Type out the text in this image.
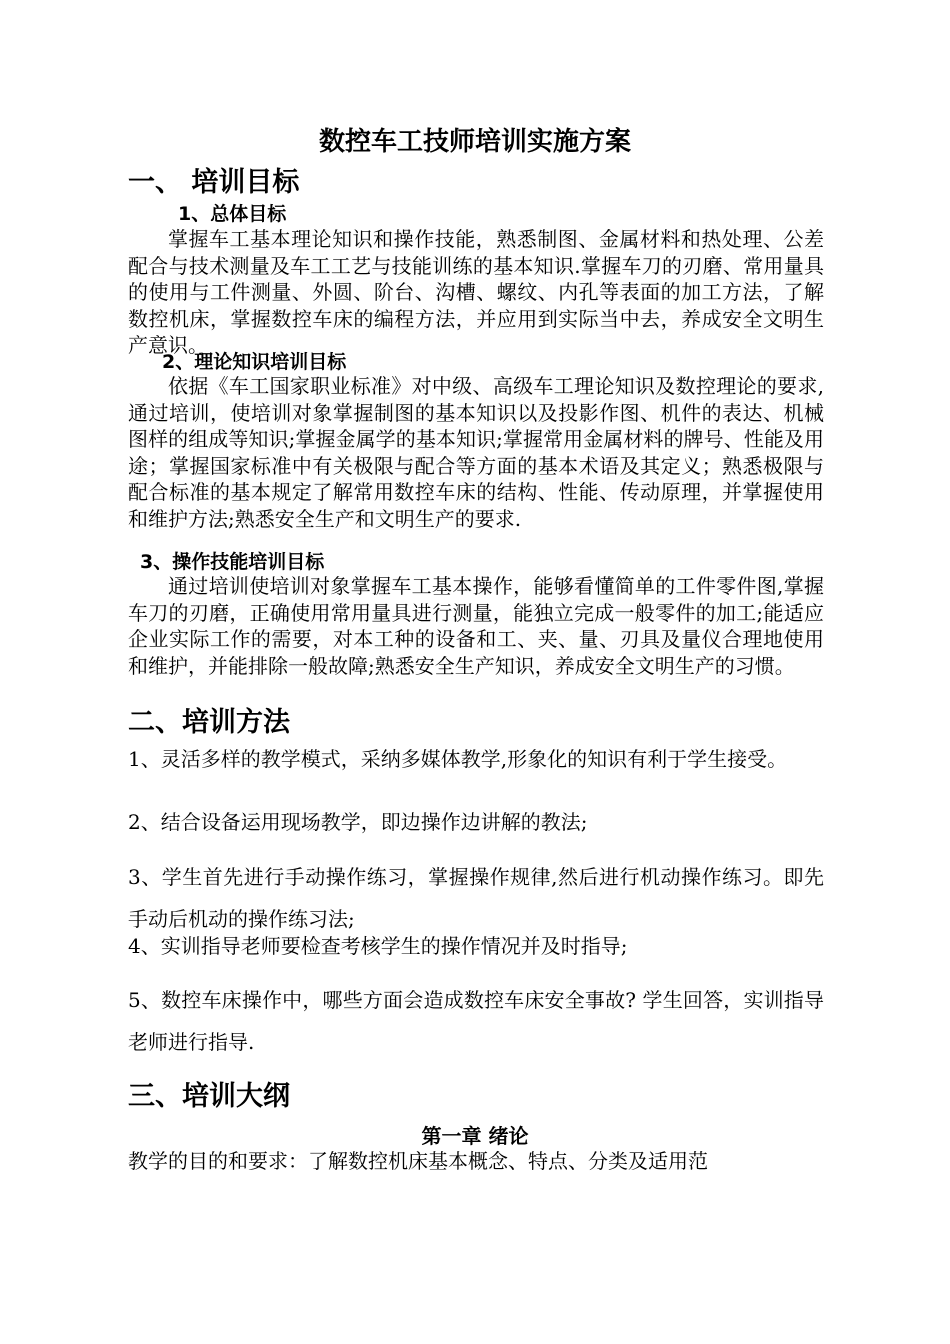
数控车工技师培训实施方案
一、 培训目标
1、总体目标
掌握车工基本理论知识和操作技能，熟悉制图、金属材料和热处理、公差配合与技术测量及车工工艺与技能训练的基本知识.掌握车刀的刃磨、常用量具的使用与工件测量、外圆、阶台、沟槽、螺纹、内孔等表面的加工方法，了解数控机床，掌握数控车床的编程方法，并应用到实际当中去，养成安全文明生产意识。
2、理论知识培训目标
依据《车工国家职业标准》对中级、高级车工理论知识及数控理论的要求,通过培训，使培训对象掌握制图的基本知识以及投影作图、机件的表达、机械图样的组成等知识;掌握金属学的基本知识;掌握常用金属材料的牌号、性能及用途；掌握国家标准中有关极限与配合等方面的基本术语及其定义；熟悉极限与配合标准的基本规定了解常用数控车床的结构、性能、传动原理，并掌握使用和维护方法;熟悉安全生产和文明生产的要求.
3、操作技能培训目标
通过培训使培训对象掌握车工基本操作，能够看懂简单的工件零件图,掌握车刀的刃磨，正确使用常用量具进行测量，能独立完成一般零件的加工;能适应企业实际工作的需要，对本工种的设备和工、夹、量、刃具及量仪合理地使用和维护，并能排除一般故障;熟悉安全生产知识，养成安全文明生产的习惯。
二、培训方法
1、灵活多样的教学模式，采纳多媒体教学,形象化的知识有利于学生接受。
2、结合设备运用现场教学，即边操作边讲解的教法;
3、学生首先进行手动操作练习，掌握操作规律,然后进行机动操作练习。即先手动后机动的操作练习法;
4、实训指导老师要检查考核学生的操作情况并及时指导;
5、数控车床操作中，哪些方面会造成数控车床安全事故? 学生回答，实训指导老师进行指导.
三、培训大纲
第一章 绪论
教学的目的和要求：了解数控机床基本概念、特点、分类及适用范
